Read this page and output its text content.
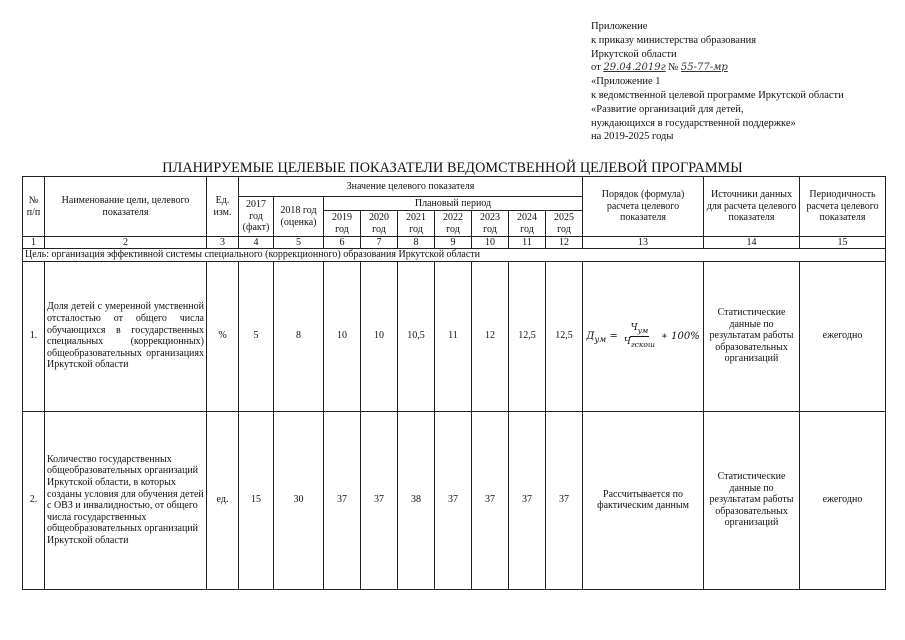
Приложение
к приказу министерства образования
Иркутской области
от 29.04.2019г № 55-77-мр
«Приложение 1
к ведомственной целевой программе Иркутской области
«Развитие организаций для детей,
нуждающихся в государственной поддержке»
на 2019-2025 годы
ПЛАНИРУЕМЫЕ ЦЕЛЕВЫЕ ПОКАЗАТЕЛИ ВЕДОМСТВЕННОЙ ЦЕЛЕВОЙ ПРОГРАММЫ
№ п/п	Наименование цели, целевого показателя	Ед. изм.	Значение целевого показателя									Порядок (формула) расчета целевого показателя	Источники данных для расчета целевого показателя	Периодичность расчета целевого показателя
			2017 год (факт)	2018 год (оценка)	Плановый период									
					2019 год	2020 год	2021 год	2022 год	2023 год	2024 год	2025 год			
1	2	3	4	5	6	7	8	9	10	11	12	13	14	15
Цель: организация эффективной системы специального (коррекционного) образования Иркутской области														
1.	Доля детей с умеренной умственной отсталостью от общего числа обучающихся в государственных специальных (коррекционных) общеобразовательных организациях Иркутской области	%	5	8	10	10	10,5	11	12	12,5	12,5	$Д_{ум} = \frac{Ч_{ум}}{Ч_{гскош}}$ ∗ 100%	Статистические данные по результатам работы образовательных организаций	ежегодно
2.	Количество государственных общеобразовательных организаций Иркутской области, в которых созданы условия для обучения детей с ОВЗ и инвалидностью, от общего числа государственных общеобразовательных организаций Иркутской области	ед.	15	30	37	37	38	37	37	37	37	Рассчитывается по фактическим данным	Статистические данные по результатам работы образовательных организаций	ежегодно
